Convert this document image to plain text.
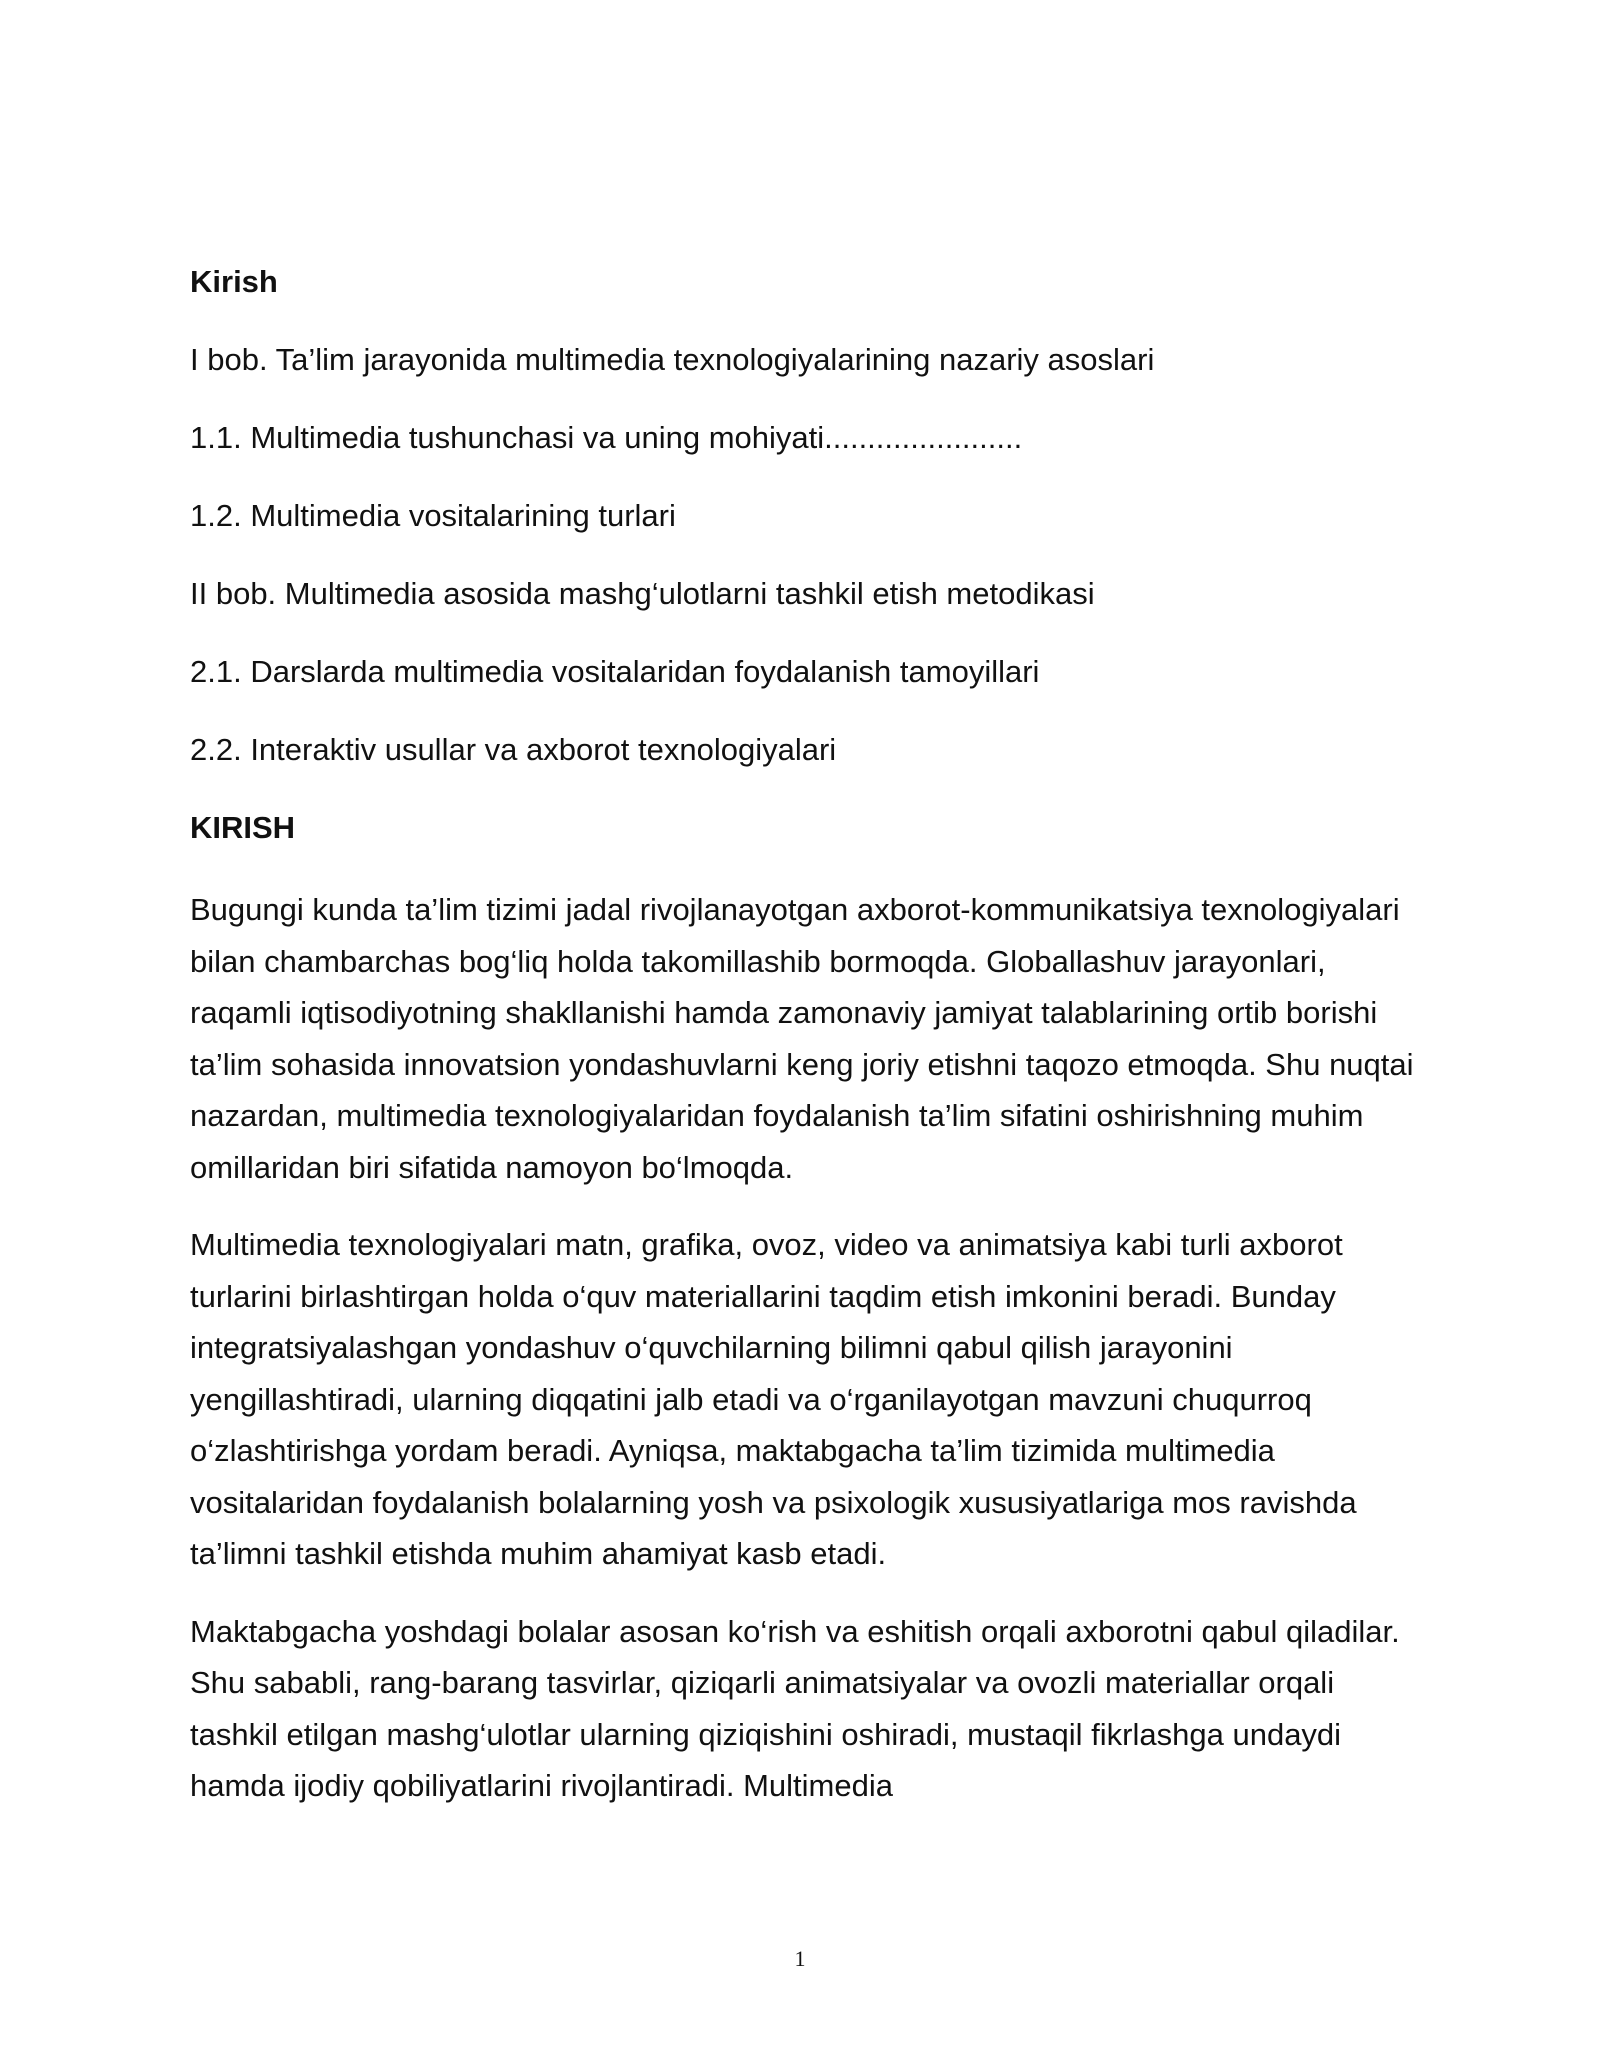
Kirish
I bob. Ta’lim jarayonida multimedia texnologiyalarining nazariy asoslari
1.1. Multimedia tushunchasi va uning mohiyati.......................
1.2. Multimedia vositalarining turlari
II bob. Multimedia asosida mashg‘ulotlarni tashkil etish metodikasi
2.1. Darslarda multimedia vositalaridan foydalanish tamoyillari
2.2. Interaktiv usullar va axborot texnologiyalari
KIRISH

Bugungi kunda ta’lim tizimi jadal rivojlanayotgan axborot-kommunikatsiya texnologiyalari bilan chambarchas bog‘liq holda takomillashib bormoqda. Globallashuv jarayonlari, raqamli iqtisodiyotning shakllanishi hamda zamonaviy jamiyat talablarining ortib borishi ta’lim sohasida innovatsion yondashuvlarni keng joriy etishni taqozo etmoqda. Shu nuqtai nazardan, multimedia texnologiyalaridan foydalanish ta’lim sifatini oshirishning muhim omillaridan biri sifatida namoyon bo‘lmoqda.

Multimedia texnologiyalari matn, grafika, ovoz, video va animatsiya kabi turli axborot turlarini birlashtirgan holda o‘quv materiallarini taqdim etish imkonini beradi. Bunday integratsiyalashgan yondashuv o‘quvchilarning bilimni qabul qilish jarayonini yengillashtiradi, ularning diqqatini jalb etadi va o‘rganilayotgan mavzuni chuqurroq o‘zlashtirishga yordam beradi. Ayniqsa, maktabgacha ta’lim tizimida multimedia vositalaridan foydalanish bolalarning yosh va psixologik xususiyatlariga mos ravishda ta’limni tashkil etishda muhim ahamiyat kasb etadi.

Maktabgacha yoshdagi bolalar asosan ko‘rish va eshitish orqali axborotni qabul qiladilar. Shu sababli, rang-barang tasvirlar, qiziqarli animatsiyalar va ovozli materiallar orqali tashkil etilgan mashg‘ulotlar ularning qiziqishini oshiradi, mustaqil fikrlashga undaydi hamda ijodiy qobiliyatlarini rivojlantiradi. Multimedia

1
